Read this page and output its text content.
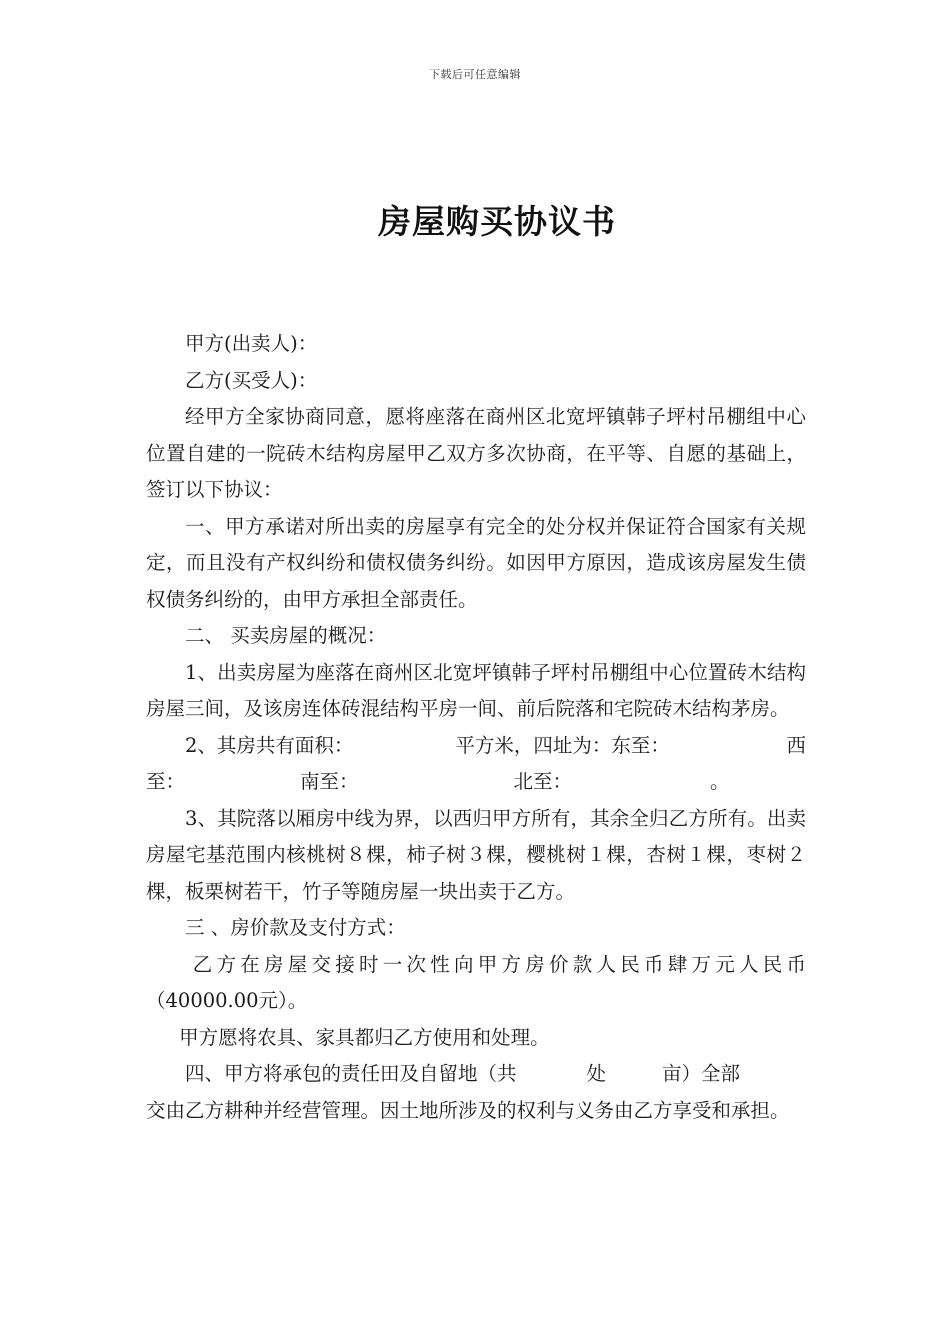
下载后可任意编辑
房屋购买协议书

甲方(出卖人)：

乙方(买受人)：

经甲方全家协商同意，愿将座落在商州区北宽坪镇韩子坪村吊棚组中心位置自建的一院砖木结构房屋甲乙双方多次协商，在平等、自愿的基础上，签订以下协议：

一、甲方承诺对所出卖的房屋享有完全的处分权并保证符合国家有关规定，而且没有产权纠纷和债权债务纠纷。如因甲方原因，造成该房屋发生债权债务纠纷的，由甲方承担全部责任。

二、 买卖房屋的概况：

1、出卖房屋为座落在商州区北宽坪镇韩子坪村吊棚组中心位置砖木结构房屋三间，及该房连体砖混结构平房一间、前后院落和宅院砖木结构茅房。

2、其房共有面积：	平方米，四址为：东至：	西
至：	南至：	北至：	。

3、其院落以厢房中线为界，以西归甲方所有，其余全归乙方所有。出卖房屋宅基范围内核桃树８棵，柿子树３棵，樱桃树１棵，杏树１棵，枣树２棵，板栗树若干，竹子等随房屋一块出卖于乙方。

三 、房价款及支付方式：

乙方在房屋交接时一次性向甲方房价款人民币肆万元人民币（40000.00元）。

甲方愿将农具、家具都归乙方使用和处理。

四、甲方将承包的责任田及自留地（共	处	亩）全部

交由乙方耕种并经营管理。因土地所涉及的权利与义务由乙方享受和承担。
